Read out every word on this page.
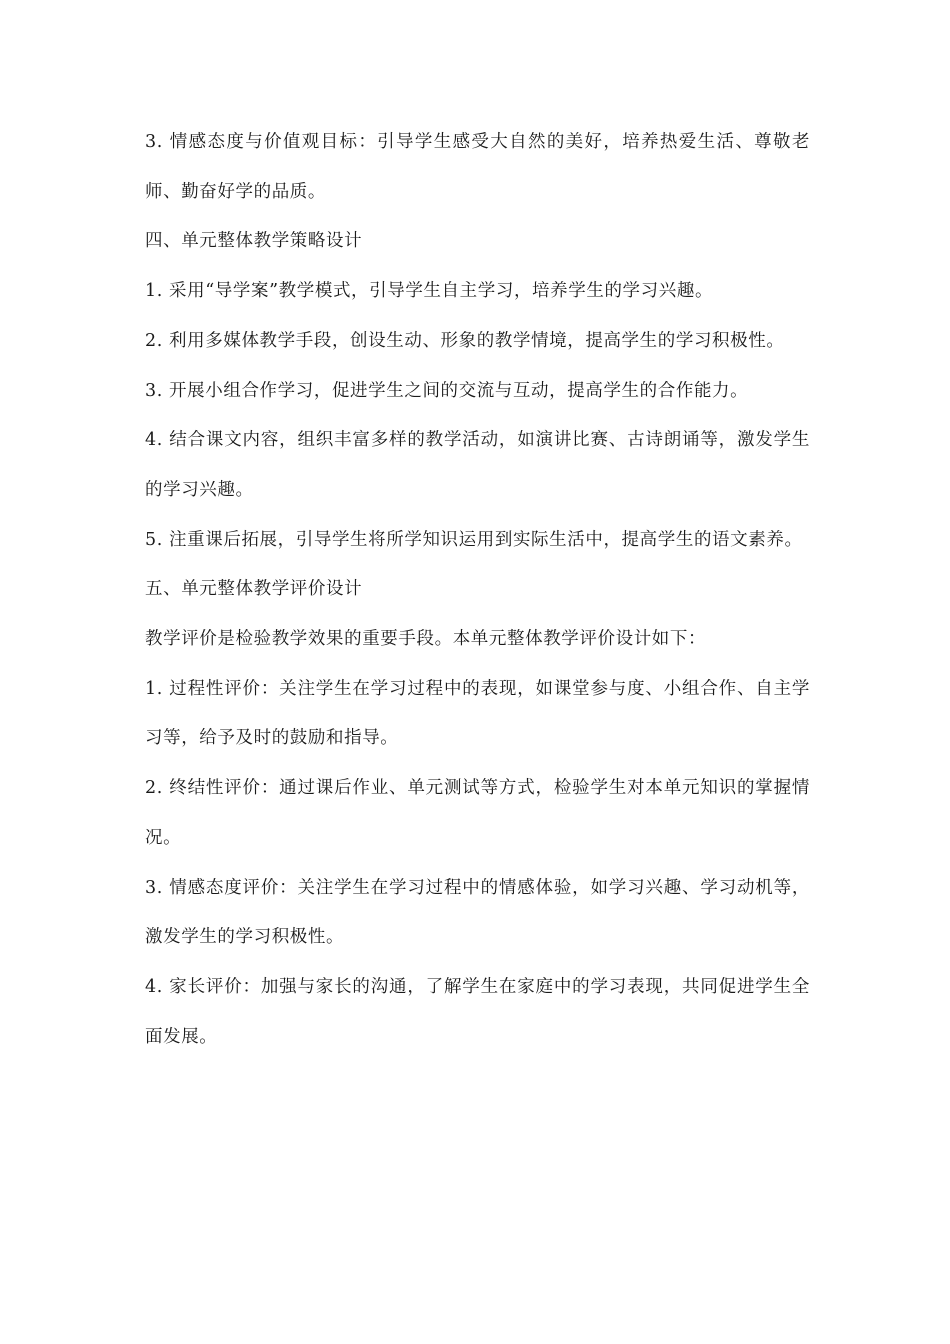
3. 情感态度与价值观目标：引导学生感受大自然的美好，培养热爱生活、尊敬老师、勤奋好学的品质。

四、单元整体教学策略设计

1. 采用“导学案”教学模式，引导学生自主学习，培养学生的学习兴趣。

2. 利用多媒体教学手段，创设生动、形象的教学情境，提高学生的学习积极性。

3. 开展小组合作学习，促进学生之间的交流与互动，提高学生的合作能力。

4. 结合课文内容，组织丰富多样的教学活动，如演讲比赛、古诗朗诵等，激发学生的学习兴趣。

5. 注重课后拓展，引导学生将所学知识运用到实际生活中，提高学生的语文素养。

五、单元整体教学评价设计

教学评价是检验教学效果的重要手段。本单元整体教学评价设计如下：

1. 过程性评价：关注学生在学习过程中的表现，如课堂参与度、小组合作、自主学习等，给予及时的鼓励和指导。

2. 终结性评价：通过课后作业、单元测试等方式，检验学生对本单元知识的掌握情况。

3. 情感态度评价：关注学生在学习过程中的情感体验，如学习兴趣、学习动机等，激发学生的学习积极性。

4. 家长评价：加强与家长的沟通，了解学生在家庭中的学习表现，共同促进学生全面发展。
